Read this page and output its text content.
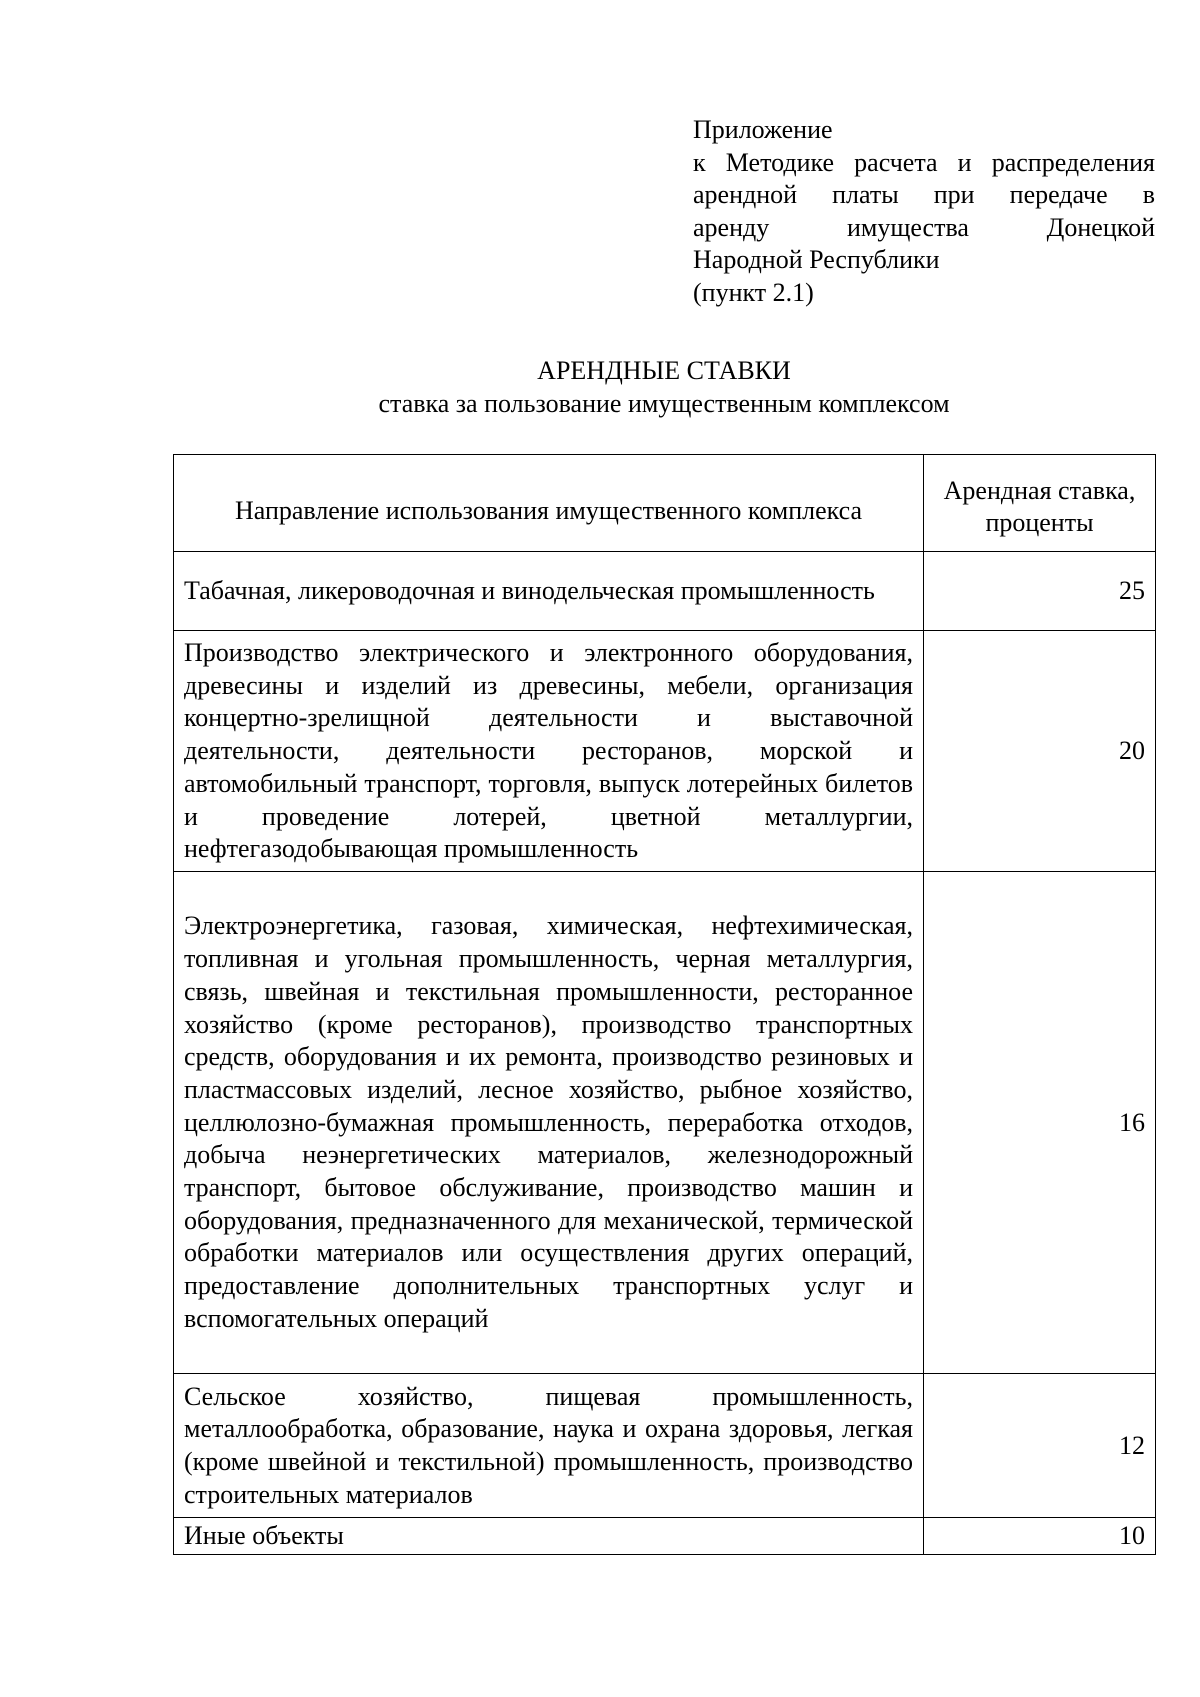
Приложение
к Методике расчета и распределения
арендной платы при передаче в
аренду имущества Донецкой
Народной Республики
(пункт 2.1)
АРЕНДНЫЕ СТАВКИ
ставка за пользование имущественным комплексом
Направление использования имущественного комплекса	Арендная ставка, проценты
Табачная, ликероводочная и винодельческая промышленность	25
Производство электрического и электронного оборудования, древесины и изделий из древесины, мебели, организация концертно-зрелищной деятельности и выставочной деятельности, деятельности ресторанов, морской и автомобильный транспорт, торговля, выпуск лотерейных билетов и проведение лотерей, цветной металлургии, нефтегазодобывающая промышленность	20
Электроэнергетика, газовая, химическая, нефтехимическая, топливная и угольная промышленность, черная металлургия, связь, швейная и текстильная промышленности, ресторанное хозяйство (кроме ресторанов), производство транспортных средств, оборудования и их ремонта, производство резиновых и пластмассовых изделий, лесное хозяйство, рыбное хозяйство, целлюлозно-бумажная промышленность, переработка отходов, добыча неэнергетических материалов, железнодорожный транспорт, бытовое обслуживание, производство машин и оборудования, предназначенного для механической, термической обработки материалов или осуществления других операций, предоставление дополнительных транспортных услуг и вспомогательных операций	16
Сельское хозяйство, пищевая промышленность, металлообработка, образование, наука и охрана здоровья, легкая (кроме швейной и текстильной) промышленность, производство строительных материалов	12
Иные объекты	10
